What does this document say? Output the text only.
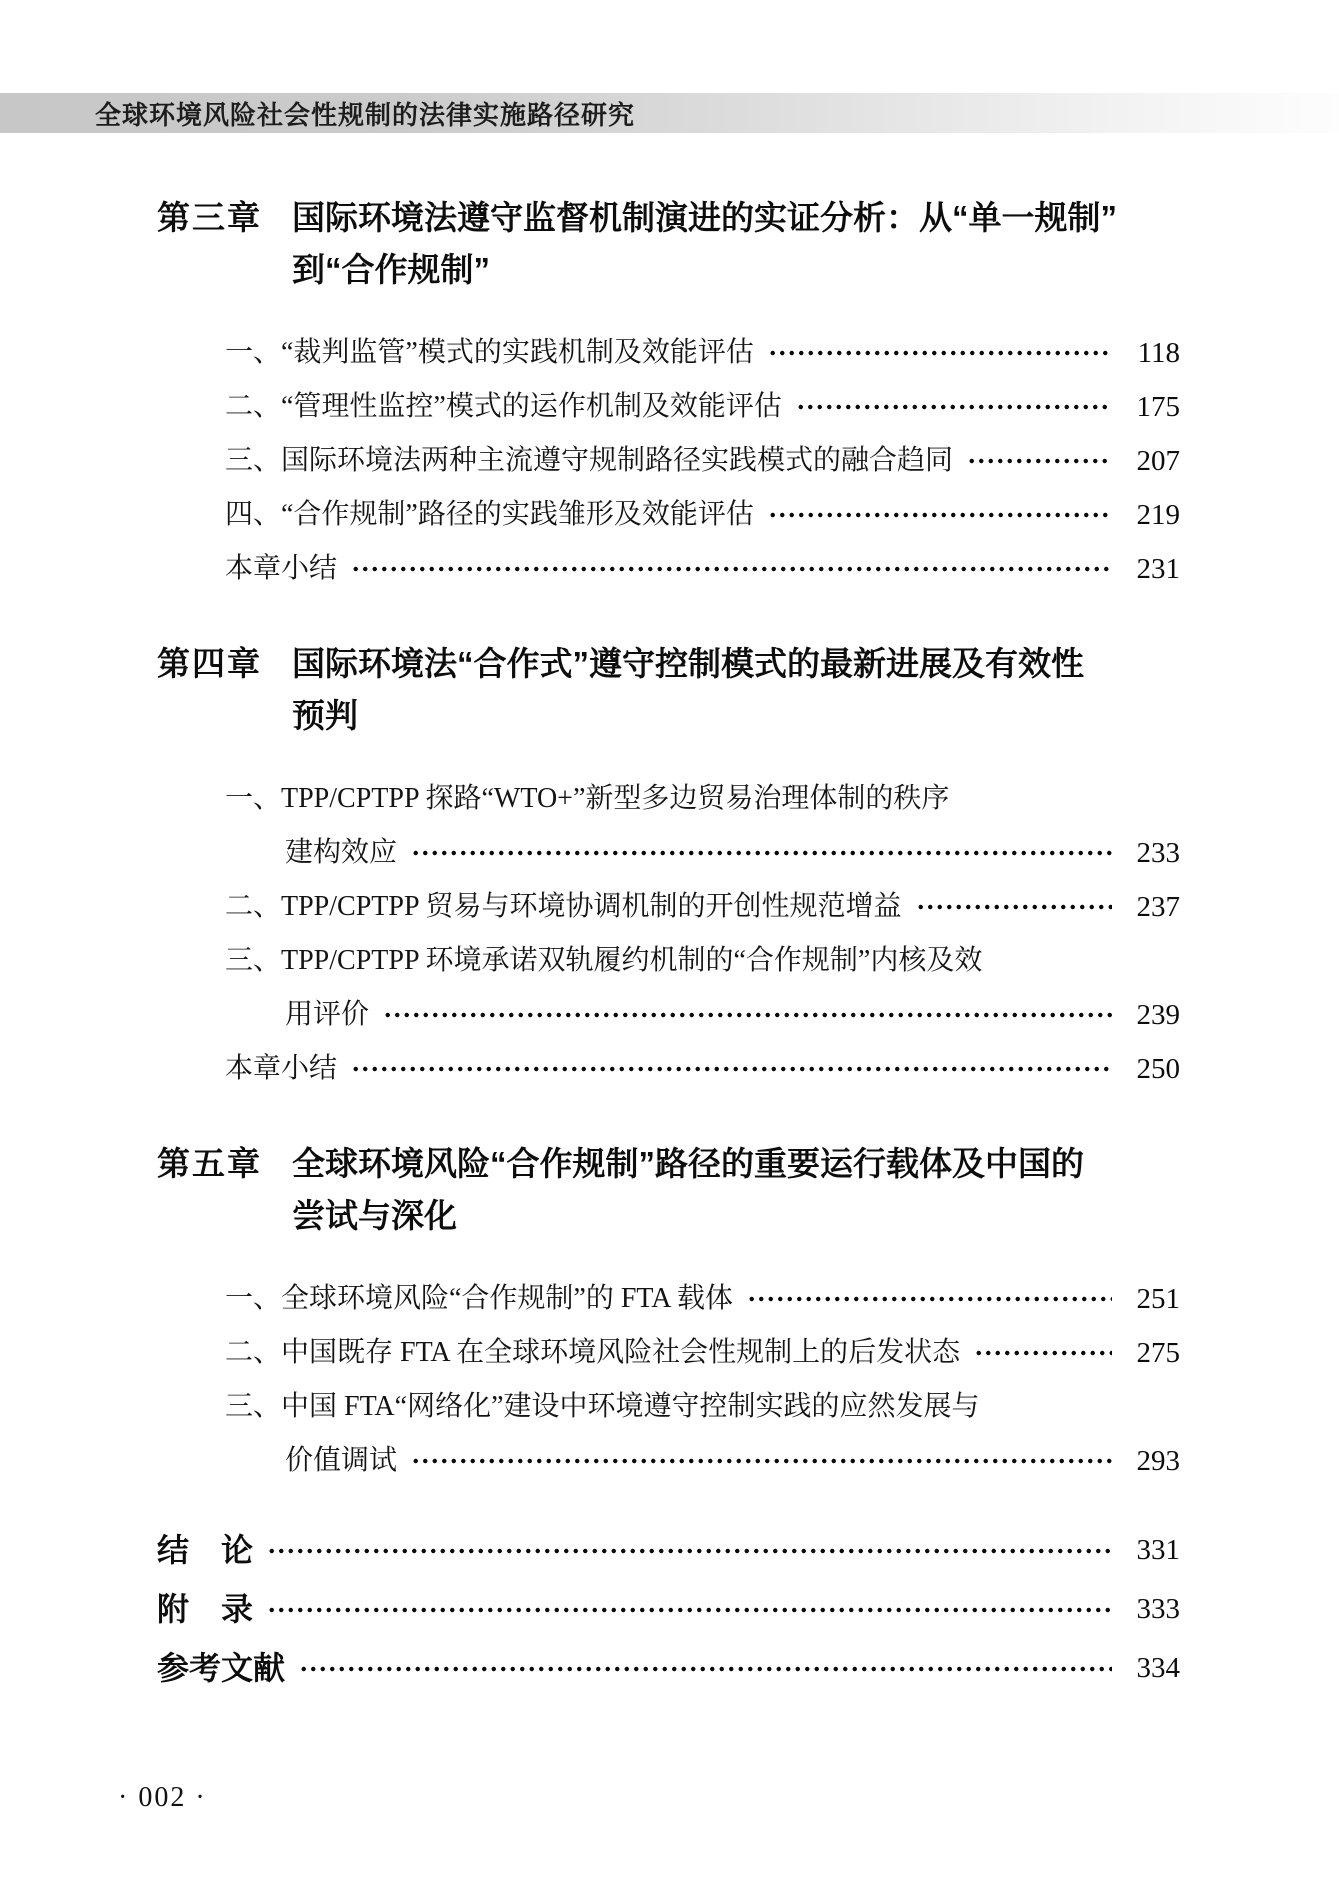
全球环境风险社会性规制的法律实施路径研究
第三章 国际环境法遵守监督机制演进的实证分析：从“单一规制”
到“合作规制”
一、“裁判监管”模式的实践机制及效能评估	118
二、“管理性监控”模式的运作机制及效能评估	175
三、国际环境法两种主流遵守规制路径实践模式的融合趋同	207
四、“合作规制”路径的实践雏形及效能评估	219
本章小结	231
第四章 国际环境法“合作式”遵守控制模式的最新进展及有效性
预判
一、TPP/CPTPP 探路“WTO+”新型多边贸易治理体制的秩序
建构效应	233
二、TPP/CPTPP 贸易与环境协调机制的开创性规范增益	237
三、TPP/CPTPP 环境承诺双轨履约机制的“合作规制”内核及效
用评价	239
本章小结	250
第五章 全球环境风险“合作规制”路径的重要运行载体及中国的
尝试与深化
一、全球环境风险“合作规制”的 FTA 载体	251
二、中国既存 FTA 在全球环境风险社会性规制上的后发状态	275
三、中国 FTA“网络化”建设中环境遵守控制实践的应然发展与
价值调试	293
结　论	331
附　录	333
参考文献	334
· 002 ·
